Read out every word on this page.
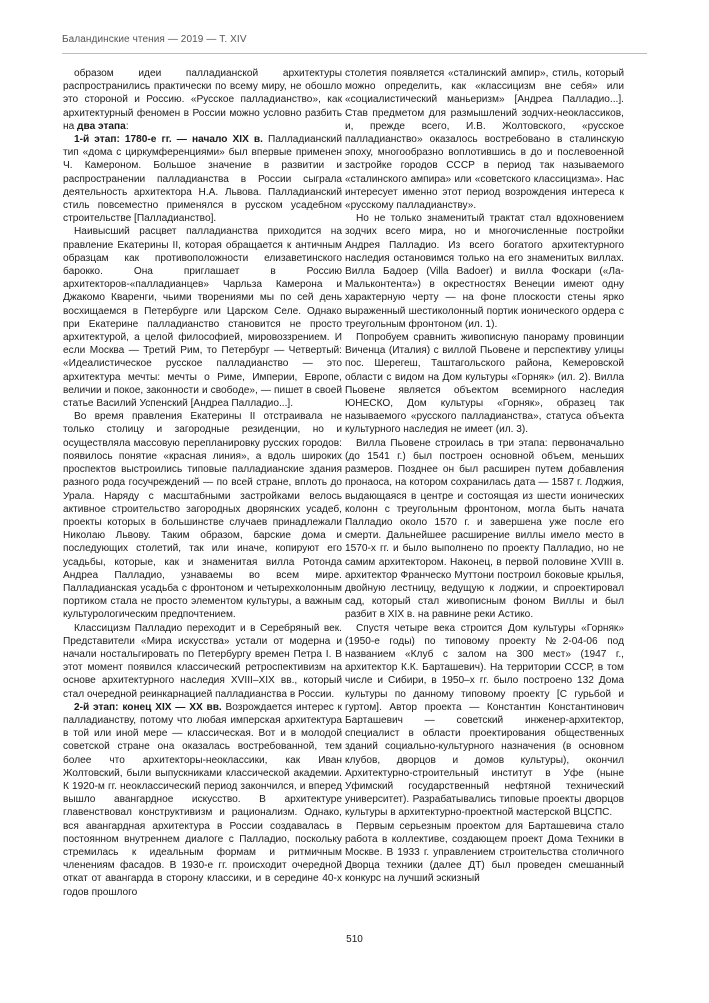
Баландинские чтения — 2019 — Т. XIV

образом идеи палладианской архитектуры распространились практически по всему миру, не обошло это стороной и Россию. «Русское палладианство», как архитектурный феномен в России можно условно разбить на два этапа:

1-й этап: 1780-е гг. — начало XIX в. Палладианский тип «дома с циркумференциями» был впервые применен Ч. Камероном. Большое значение в развитии и распространении палладианства в России сыграла деятельность архитектора Н.А. Львова. Палладианский стиль повсеместно применялся в русском усадебном строительстве [Палладианство].

Наивысший расцвет палладианства приходится на правление Екатерины II, которая обращается к античным образцам как противоположности елизаветинского барокко. Она приглашает в Россию архитекторов-«палладианцев» Чарльза Камерона и Джакомо Кваренги, чьими творениями мы по сей день восхищаемся в Петербурге или Царском Селе. Однако при Екатерине палладианство становится не просто архитектурой, а целой философией, мировоззрением. И если Москва — Третий Рим, то Петербург — Четвертый: «Идеалистическое русское палладианство — это архитектура мечты: мечты о Риме, Империи, Европе, величии и покое, законности и свободе», — пишет в своей статье Василий Успенский [Андреа Палладио...].

Во время правления Екатерины II отстраивала не только столицу и загородные резиденции, но и осуществляла массовую перепланировку русских городов: появилось понятие «красная линия», а вдоль широких проспектов выстроились типовые палладианские здания разного рода госучреждений — по всей стране, вплоть до Урала. Наряду с масштабными застройками велось активное строительство загородных дворянских усадеб, проекты которых в большинстве случаев принадлежали Николаю Львову. Таким образом, барские дома и последующих столетий, так или иначе, копируют его усадьбы, которые, как и знаменитая вилла Ротонда Андреа Палладио, узнаваемы во всем мире. Палладианская усадьба с фронтоном и четырехколонным портиком стала не просто элементом культуры, а важным культурологическим предпочтением.

Классицизм Палладио переходит и в Серебряный век. Представители «Мира искусства» устали от модерна и начали ностальгировать по Петербургу времен Петра I. В этот момент появился классический ретроспективизм на основе архитектурного наследия XVIII–XIX вв., который стал очередной реинкарнацией палладианства в России.

2-й этап: конец XIX — XX вв. Возрождается интерес к палладианству, потому что любая имперская архитектура в той или иной мере — классическая. Вот и в молодой советской стране она оказалась востребованной, тем более что архитекторы-неоклассики, как Иван Жолтовский, были выпускниками классической академии. К 1920-м гг. неоклассический период закончился, и вперед вышло авангардное искусство. В архитектуре главенствовал конструктивизм и рационализм. Однако, вся авангардная архитектура в России создавалась в постоянном внутреннем диалоге с Палладио, поскольку стремилась к идеальным формам и ритмичным членениям фасадов. В 1930-е гг. происходит очередной откат от авангарда в сторону классики, и в середине 40-х годов прошлого

столетия появляется «сталинский ампир», стиль, который можно определить, как «классицизм вне себя» или «социалистический маньеризм» [Андреа Палладио...]. Став предметом для размышлений зодчих-неоклассиков, и, прежде всего, И.В. Жолтовского, «русское палладианство» оказалось востребовано в сталинскую эпоху, многообразно воплотившись в до и послевоенной застройке городов СССР в период так называемого «сталинского ампира» или «советского классицизма». Нас интересует именно этот период возрождения интереса к «русскому палладианству».

Но не только знаменитый трактат стал вдохновением зодчих всего мира, но и многочисленные постройки Андрея Палладио. Из всего богатого архитектурного наследия остановимся только на его знаменитых виллах. Вилла Бадоер (Villa Badoer) и вилла Фоскари («Ла-Мальконтента») в окрестностях Венеции имеют одну характерную черту — на фоне плоскости стены ярко выраженный шестиколонный портик ионического ордера с треугольным фронтоном (ил. 1).

Попробуем сравнить живописную панораму провинции Виченца (Италия) с виллой Пьовене и перспективу улицы пос. Шерегеш, Таштагольского района, Кемеровской области с видом на Дом культуры «Горняк» (ил. 2). Вилла Пьовене является объектом всемирного наследия ЮНЕСКО, Дом культуры «Горняк», образец так называемого «русского палладианства», статуса объекта культурного наследия не имеет (ил. 3).

Вилла Пьовене строилась в три этапа: первоначально (до 1541 г.) был построен основной объем, меньших размеров. Позднее он был расширен путем добавления пронаоса, на котором сохранилась дата — 1587 г. Лоджия, выдающаяся в центре и состоящая из шести ионических колонн с треугольным фронтоном, могла быть начата Палладио около 1570 г. и завершена уже после его смерти. Дальнейшее расширение виллы имело место в 1570-х гг. и было выполнено по проекту Палладио, но не самим архитектором. Наконец, в первой половине XVIII в. архитектор Франческо Муттони построил боковые крылья, двойную лестницу, ведущую к лоджии, и спроектировал сад, который стал живописным фоном Виллы и был разбит в XIX в. на равнине реки Астико.

Спустя четыре века строится Дом культуры «Горняк» (1950-е годы) по типовому проекту №2-04-06 под названием «Клуб с залом на 300 мест» (1947 г., архитектор К.К. Барташевич). На территории СССР, в том числе и Сибири, в 1950–х гг. было построено 132 Дома культуры по данному типовому проекту [С гурьбой и гуртом]. Автор проекта — Константин Константинович Барташевич — советский инженер-архитектор, специалист в области проектирования общественных зданий социально-культурного назначения (в основном клубов, дворцов и домов культуры), окончил Архитектурно-строительный институт в Уфе (ныне Уфимский государственный нефтяной технический университет). Разрабатывались типовые проекты дворцов культуры в архитектурно-проектной мастерской ВЦСПС.

Первым серьезным проектом для Барташевича стало работа в коллективе, создающем проект Дома Техники в Москве. В 1933 г. управлением строительства столичного Дворца техники (далее ДТ) был проведен смешанный конкурс на лучший эскизный

510
